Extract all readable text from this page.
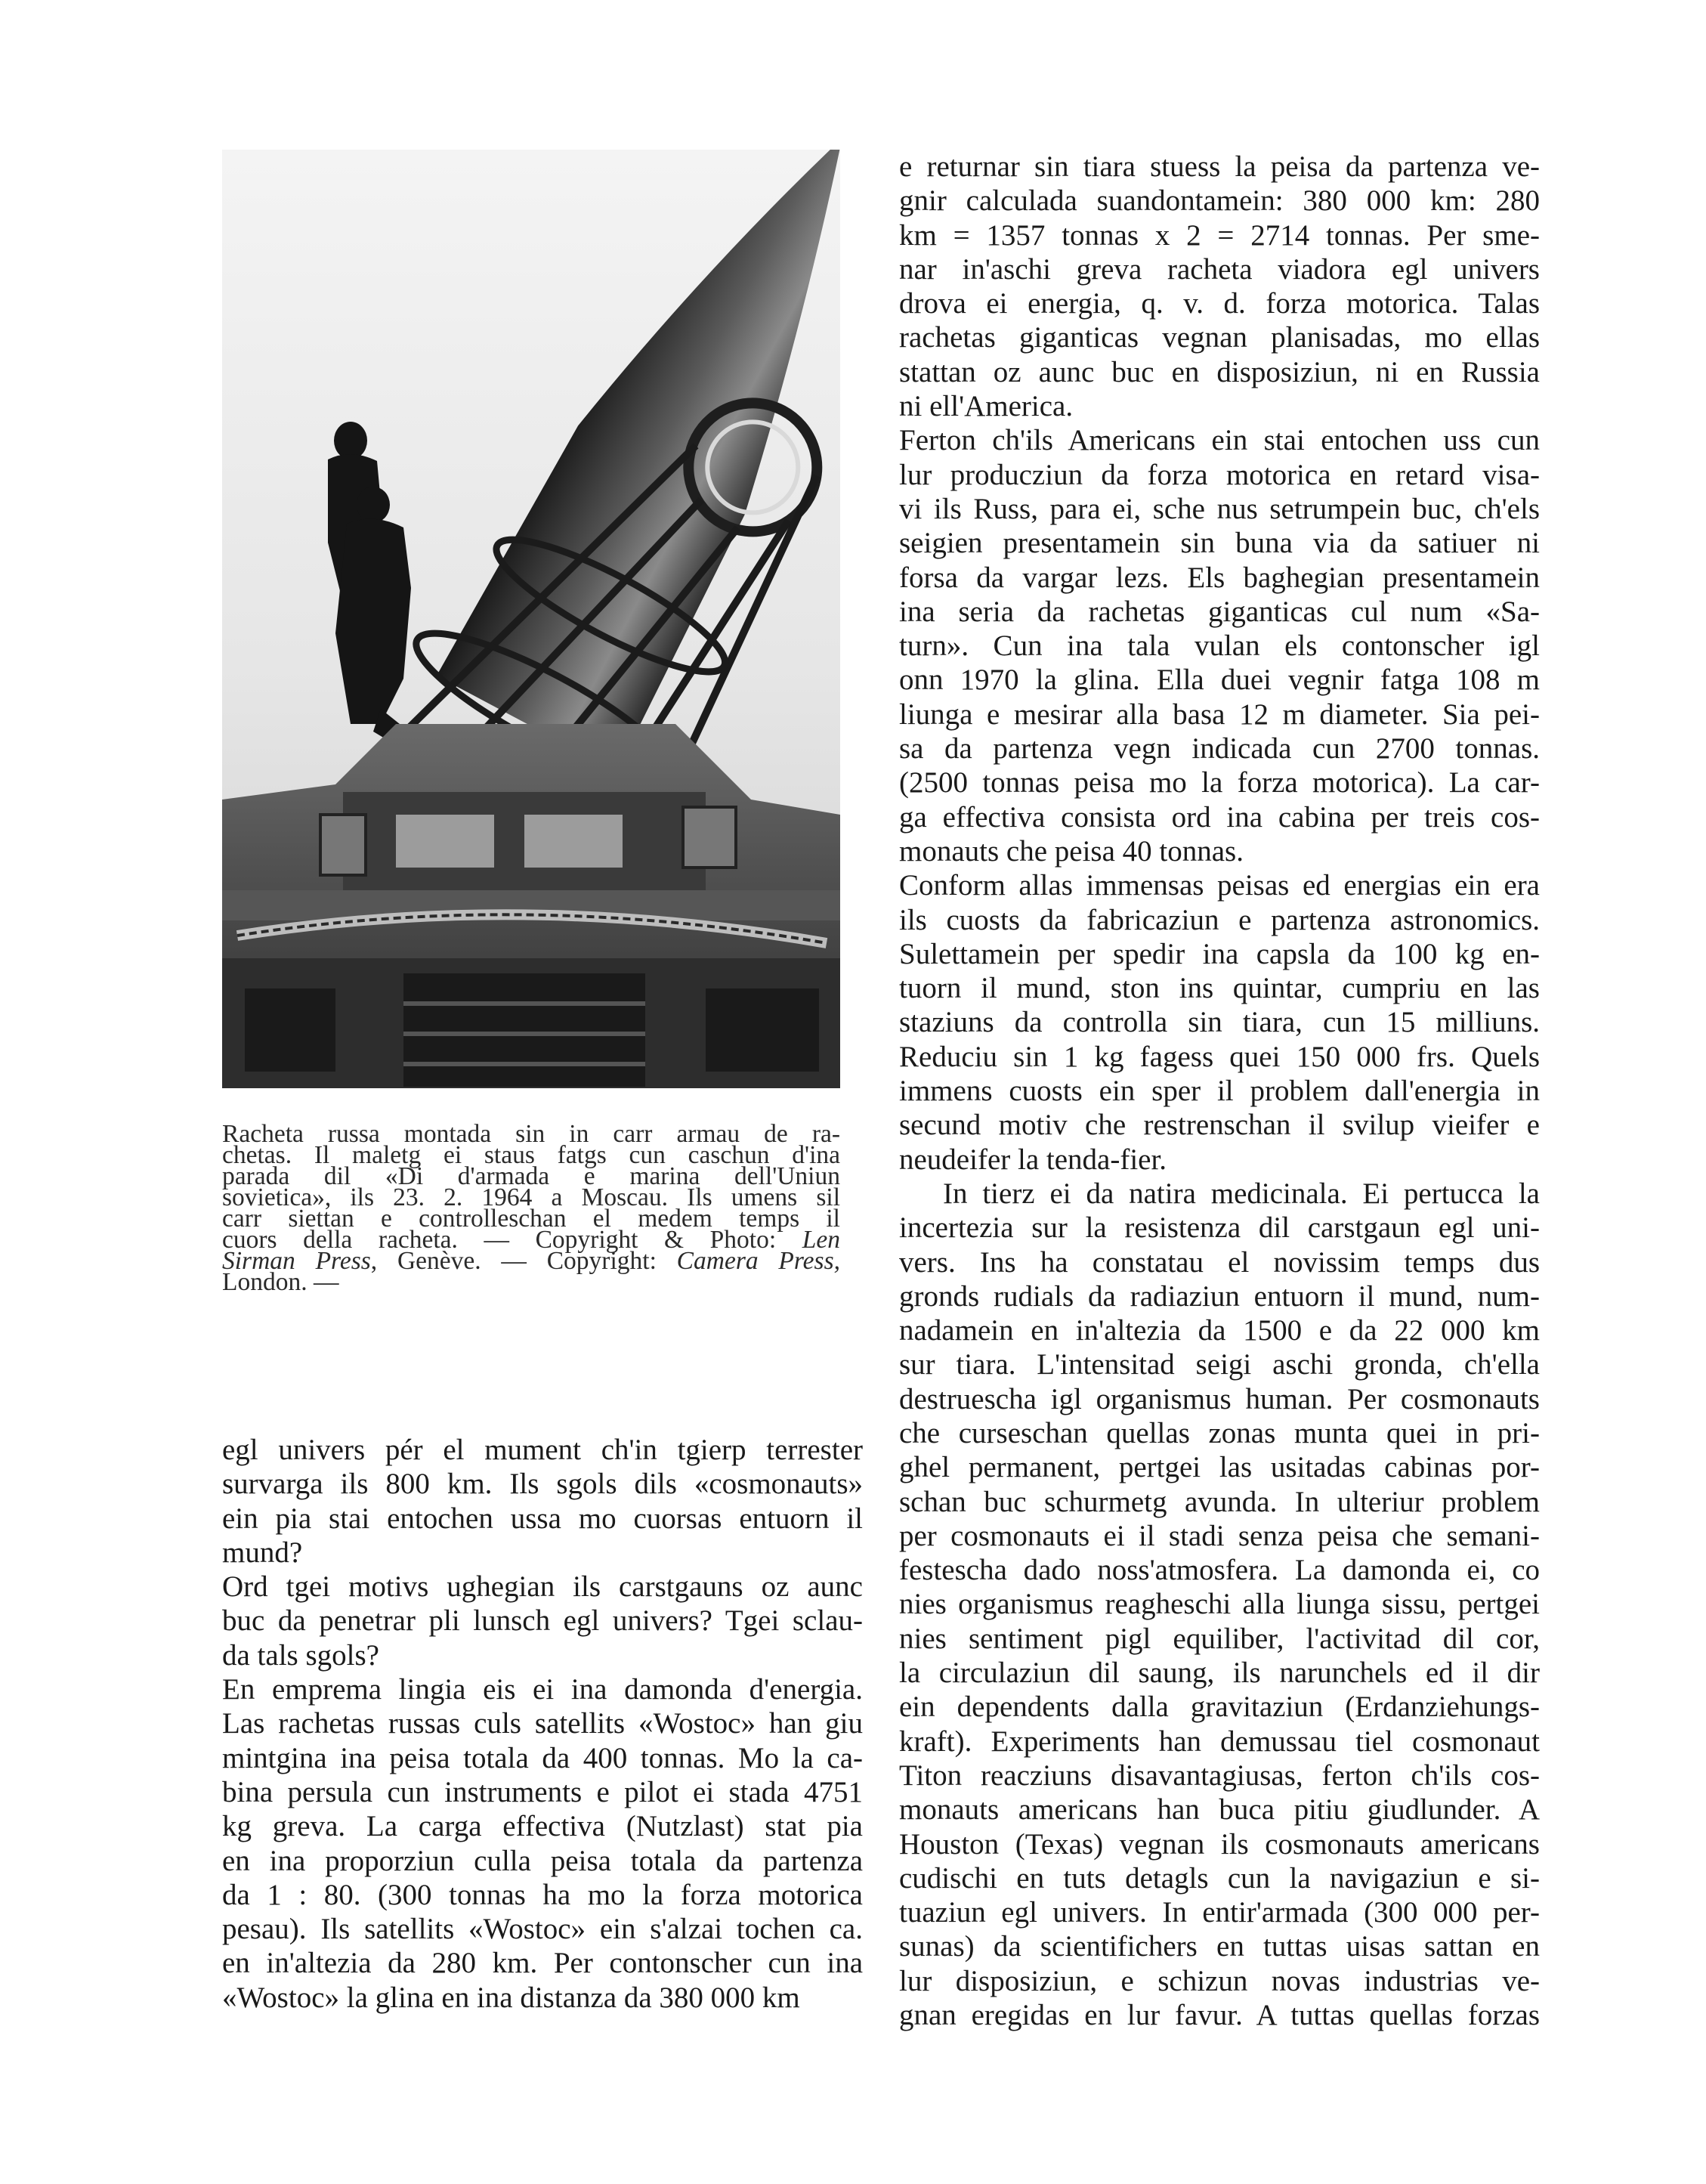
Racheta russa montada sin in carr armau de ra-
chetas. Il maletg ei staus fatgs cun caschun d'ina
parada dil «Di d'armada e marina dell'Uniun
sovietica», ils 23. 2. 1964 a Moscau. Ils umens sil
carr siettan e controlleschan el medem temps il
cuors della racheta. — Copyright & Photo: Len
Sirman Press, Genève. — Copyright: Camera Press,
London. —
egl univers pér el mument ch'in tgierp terrester
survarga ils 800 km. Ils sgols dils «cosmonauts»
ein pia stai entochen ussa mo cuorsas entuorn il
mund?
Ord tgei motivs ughegian ils carstgauns oz aunc
buc da penetrar pli lunsch egl univers? Tgei sclau-
da tals sgols?
En emprema lingia eis ei ina damonda d'energia.
Las rachetas russas culs satellits «Wostoc» han giu
mintgina ina peisa totala da 400 tonnas. Mo la ca-
bina persula cun instruments e pilot ei stada 4751
kg greva. La carga effectiva (Nutzlast) stat pia
en ina proporziun culla peisa totala da partenza
da 1 : 80. (300 tonnas ha mo la forza motorica
pesau). Ils satellits «Wostoc» ein s'alzai tochen ca.
en in'altezia da 280 km. Per contonscher cun ina
«Wostoc» la glina en ina distanza da 380 000 km
e returnar sin tiara stuess la peisa da partenza ve-
gnir calculada suandontamein: 380 000 km: 280
km = 1357 tonnas x 2 = 2714 tonnas. Per sme-
nar in'aschi greva racheta viadora egl univers
drova ei energia, q. v. d. forza motorica. Talas
rachetas giganticas vegnan planisadas, mo ellas
stattan oz aunc buc en disposiziun, ni en Russia
ni ell'America.
Ferton ch'ils Americans ein stai entochen uss cun
lur producziun da forza motorica en retard visa-
vi ils Russ, para ei, sche nus setrumpein buc, ch'els
seigien presentamein sin buna via da satiuer ni
forsa da vargar lezs. Els baghegian presentamein
ina seria da rachetas giganticas cul num «Sa-
turn». Cun ina tala vulan els contonscher igl
onn 1970 la glina. Ella duei vegnir fatga 108 m
liunga e mesirar alla basa 12 m diameter. Sia pei-
sa da partenza vegn indicada cun 2700 tonnas.
(2500 tonnas peisa mo la forza motorica). La car-
ga effectiva consista ord ina cabina per treis cos-
monauts che peisa 40 tonnas.
Conform allas immensas peisas ed energias ein era
ils cuosts da fabricaziun e partenza astronomics.
Sulettamein per spedir ina capsla da 100 kg en-
tuorn il mund, ston ins quintar, cumpriu en las
staziuns da controlla sin tiara, cun 15 milliuns.
Reduciu sin 1 kg fagess quei 150 000 frs. Quels
immens cuosts ein sper il problem dall'energia in
secund motiv che restrenschan il svilup vieifer e
neudeifer la tenda-fier.
In tierz ei da natira medicinala. Ei pertucca la
incertezia sur la resistenza dil carstgaun egl uni-
vers. Ins ha constatau el novissim temps dus
gronds rudials da radiaziun entuorn il mund, num-
nadamein en in'altezia da 1500 e da 22 000 km
sur tiara. L'intensitad seigi aschi gronda, ch'ella
destruescha igl organismus human. Per cosmonauts
che curseschan quellas zonas munta quei in pri-
ghel permanent, pertgei las usitadas cabinas por-
schan buc schurmetg avunda. In ulteriur problem
per cosmonauts ei il stadi senza peisa che semani-
festescha dado noss'atmosfera. La damonda ei, co
nies organismus reagheschi alla liunga sissu, pertgei
nies sentiment pigl equiliber, l'activitad dil cor,
la circulaziun dil saung, ils narunchels ed il dir
ein dependents dalla gravitaziun (Erdanziehungs-
kraft). Experiments han demussau tiel cosmonaut
Titon reacziuns disavantagiusas, ferton ch'ils cos-
monauts americans han buca pitiu giudlunder. A
Houston (Texas) vegnan ils cosmonauts americans
cudischi en tuts detagls cun la navigaziun e si-
tuaziun egl univers. In entir'armada (300 000 per-
sunas) da scientifichers en tuttas uisas sattan en
lur disposiziun, e schizun novas industrias ve-
gnan eregidas en lur favur. A tuttas quellas forzas
